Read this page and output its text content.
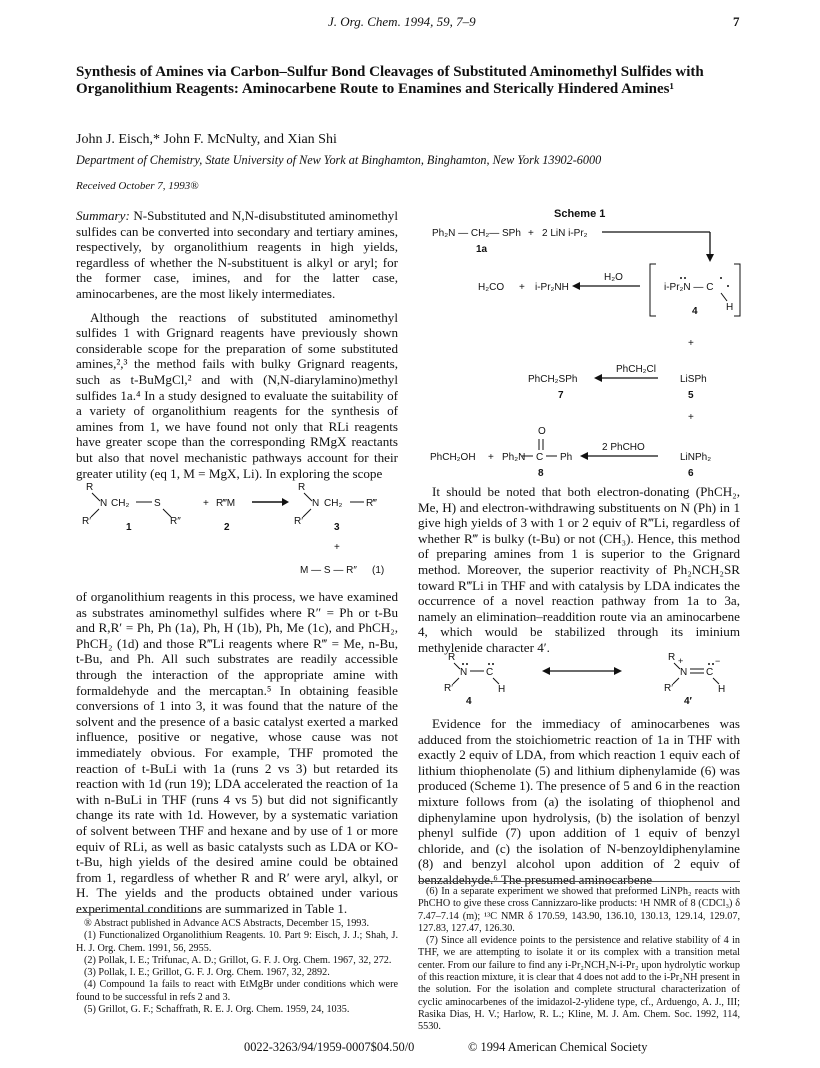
J. Org. Chem. 1994, 59, 7–9	7
Synthesis of Amines via Carbon–Sulfur Bond Cleavages of Substituted Aminomethyl Sulfides with Organolithium Reagents: Aminocarbene Route to Enamines and Sterically Hindered Amines¹
John J. Eisch,* John F. McNulty, and Xian Shi
Department of Chemistry, State University of New York at Binghamton, Binghamton, New York 13902-6000
Received October 7, 1993®

Summary: N-Substituted and N,N-disubstituted aminomethyl sulfides can be converted into secondary and tertiary amines, respectively, by organolithium reagents in high yields, regardless of whether the N-substituent is alkyl or aryl; for the former case, imines, and for the latter case, aminocarbenes, are the most likely intermediates.

Although the reactions of substituted aminomethyl sulfides 1 with Grignard reagents have previously shown considerable scope for the preparation of some substituted amines,²,³ the method fails with bulky Grignard reagents, such as t-BuMgCl,² and with (N,N-diarylamino)methyl sulfides 1a.⁴ In a study designed to evaluate the suitability of a variety of organolithium reagents for the synthesis of amines from 1, we have found not only that RLi reagents have greater scope than the corresponding RMgX reactants but also that novel mechanistic pathways account for their greater utility (eq 1, M = MgX, Li). In exploring the scope

R
N
R′
CH₂ S
R″
1
+ R‴M
2
R
N
R′
CH₂ R‴
3
+
M — S — R″ (1)

of organolithium reagents in this process, we have examined as substrates aminomethyl sulfides where R″ = Ph or t-Bu and R,R′ = Ph, Ph (1a), Ph, H (1b), Ph, Me (1c), and PhCH₂, PhCH₂ (1d) and those R‴Li reagents where R‴ = Me, n-Bu, t-Bu, and Ph. All such substrates are readily accessible through the interaction of the appropriate amine with formaldehyde and the mercaptan.⁵ In obtaining feasible conversions of 1 into 3, it was found that the nature of the solvent and the presence of a basic catalyst exerted a marked influence, positive or negative, whose cause was not immediately obvious. For example, THF promoted the reaction of t-BuLi with 1a (runs 2 vs 3) but retarded its reaction with 1d (run 19); LDA accelerated the reaction of 1a with n-BuLi in THF (runs 4 vs 5) but did not significantly change its rate with 1d. However, by a systematic variation of solvent between THF and hexane and by use of 1 or more equiv of RLi, as well as basic catalysts such as LDA or KO-t-Bu, high yields of the desired amine could be obtained from 1, regardless of whether R and R′ were aryl, alkyl, or H. The yields and the products obtained under various experimental conditions are summarized in Table 1.

® Abstract published in Advance ACS Abstracts, December 15, 1993.

(1) Functionalized Organolithium Reagents. 10. Part 9: Eisch, J. J.; Shah, J. H. J. Org. Chem. 1991, 56, 2955.

(2) Pollak, I. E.; Trifunac, A. D.; Grillot, G. F. J. Org. Chem. 1967, 32, 272.

(3) Pollak, I. E.; Grillot, G. F. J. Org. Chem. 1967, 32, 2892.

(4) Compound 1a fails to react with EtMgBr under conditions which were found to be successful in refs 2 and 3.

(5) Grillot, G. F.; Schaffrath, R. E. J. Org. Chem. 1959, 24, 1035.

Scheme 1
Ph₂N — CH₂— SPh + 2 LiN i-Pr₂
1a
H₂CO + i-Pr₂NH
H₂O
i-Pr₂N — C
H
4
+
PhCH₂SPh
PhCH₂Cl
LiSPh
7	5
+
O
PhCH₂OH + Ph₂N C Ph
2 PhCHO
LiNPh₂
8	6

It should be noted that both electron-donating (PhCH₂, Me, H) and electron-withdrawing substituents on N (Ph) in 1 give high yields of 3 with 1 or 2 equiv of R‴Li, regardless of whether R‴ is bulky (t-Bu) or not (CH₃). Hence, this method of preparing amines from 1 is superior to the Grignard method. Moreover, the superior reactivity of Ph₂NCH₂SR toward R‴Li in THF and with catalysis by LDA indicates the occurrence of a novel reaction pathway from 1a to 3a, namely an elimination–readdition route via an aminocarbene 4, which would be stabilized through its iminium methylenide character 4′.

R
N
R′
C
H
4
R +
N
R′
C
−
H
4′

Evidence for the immediacy of aminocarbenes was adduced from the stoichiometric reaction of 1a in THF with exactly 2 equiv of LDA, from which reaction 1 equiv each of lithium thiophenolate (5) and lithium diphenylamide (6) was produced (Scheme 1). The presence of 5 and 6 in the reaction mixture follows from (a) the isolating of thiophenol and diphenylamine upon hydrolysis, (b) the isolation of benzyl phenyl sulfide (7) upon addition of 1 equiv of benzyl chloride, and (c) the isolation of N-benzoyldiphenylamine (8) and benzyl alcohol upon addition of 2 equiv of benzaldehyde.⁶ The presumed aminocarbene

(6) In a separate experiment we showed that preformed LiNPh₂ reacts with PhCHO to give these cross Cannizzaro-like products: ¹H NMR of 8 (CDCl₃) δ 7.47–7.14 (m); ¹³C NMR δ 170.59, 143.90, 136.10, 130.13, 129.14, 129.07, 127.83, 127.47, 126.30.

(7) Since all evidence points to the persistence and relative stability of 4 in THF, we are attempting to isolate it or its complex with a transition metal center. From our failure to find any i-Pr₂NCH₂N-i-Pr₂ upon hydrolytic workup of this reaction mixture, it is clear that 4 does not add to the i-Pr₂NH present in the solution. For the isolation and complete structural characterization of cyclic aminocarbenes of the imidazol-2-ylidene type, cf., Arduengo, A. J., III; Rasika Dias, H. V.; Harlow, R. L.; Kline, M. J. Am. Chem. Soc. 1992, 114, 5530.

0022-3263/94/1959-0007$04.50/0	© 1994 American Chemical Society
